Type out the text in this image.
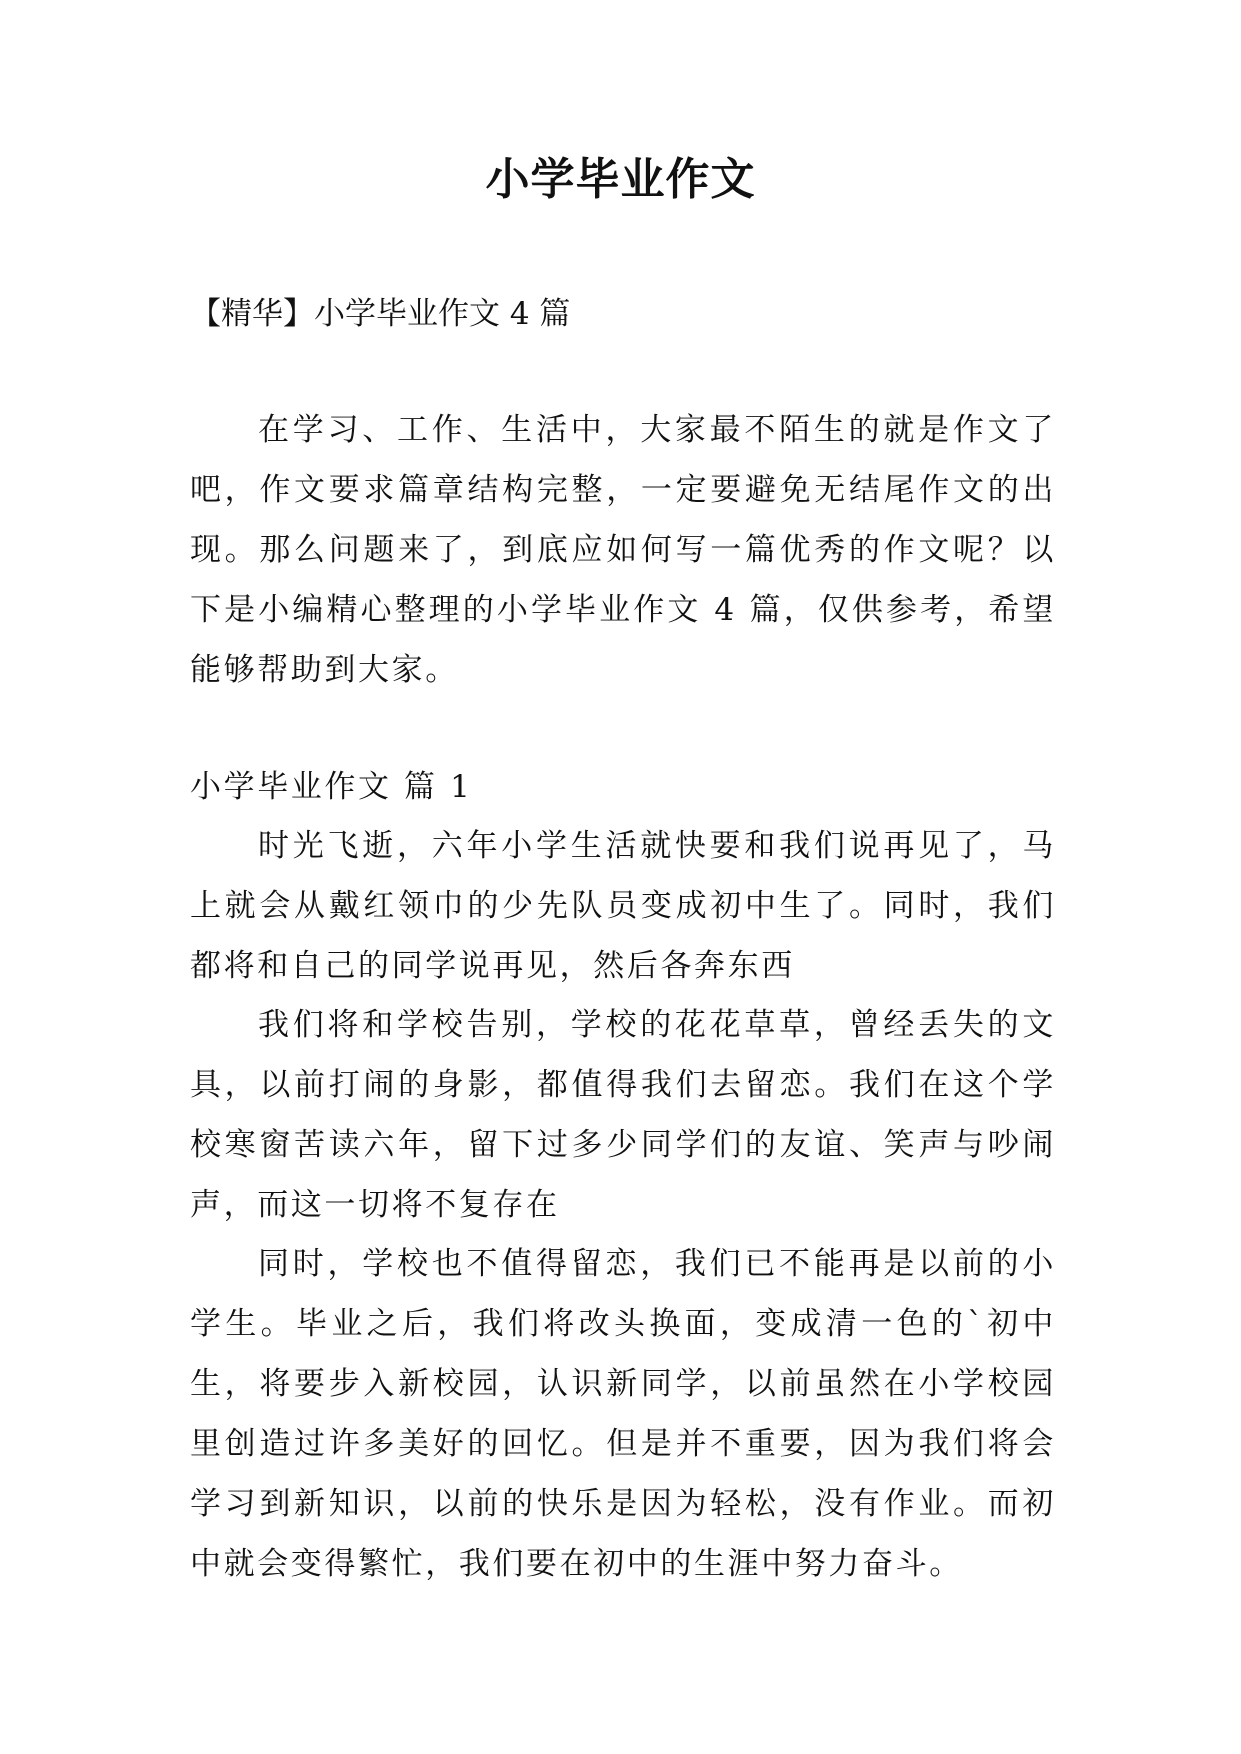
小学毕业作文
【精华】小学毕业作文 4 篇
在学习、工作、生活中，大家最不陌生的就是作文了吧，作文要求篇章结构完整，一定要避免无结尾作文的出现。那么问题来了，到底应如何写一篇优秀的作文呢？以下是小编精心整理的小学毕业作文 4 篇，仅供参考，希望能够帮助到大家。
小学毕业作文 篇 1
时光飞逝，六年小学生活就快要和我们说再见了，马上就会从戴红领巾的少先队员变成初中生了。同时，我们都将和自己的同学说再见，然后各奔东西
我们将和学校告别，学校的花花草草，曾经丢失的文具，以前打闹的身影，都值得我们去留恋。我们在这个学校寒窗苦读六年，留下过多少同学们的友谊、笑声与吵闹声，而这一切将不复存在
同时，学校也不值得留恋，我们已不能再是以前的小学生。毕业之后，我们将改头换面，变成清一色的`初中生，将要步入新校园，认识新同学，以前虽然在小学校园里创造过许多美好的回忆。但是并不重要，因为我们将会学习到新知识，以前的快乐是因为轻松，没有作业。而初中就会变得繁忙，我们要在初中的生涯中努力奋斗。
